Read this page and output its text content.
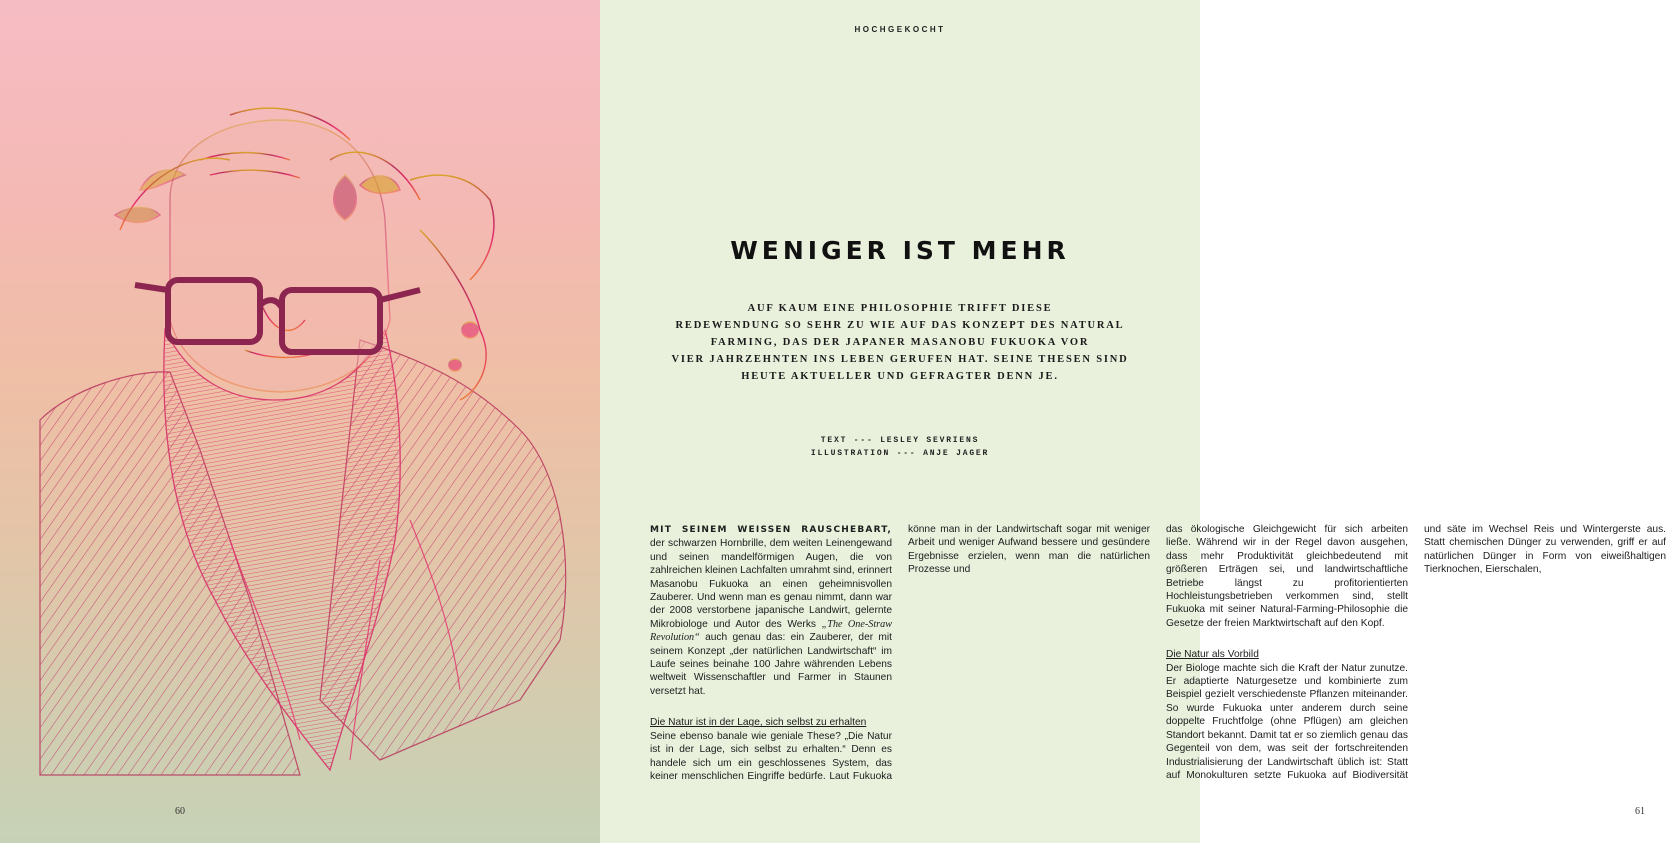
60
HOCHGEKOCHT
WENIGER IST MEHR
AUF KAUM EINE PHILOSOPHIE TRIFFT DIESE
REDEWENDUNG SO SEHR ZU WIE AUF DAS KONZEPT DES NATURAL
FARMING, DAS DER JAPANER MASANOBU FUKUOKA VOR
VIER JAHRZEHNTEN INS LEBEN GERUFEN HAT. SEINE THESEN SIND
HEUTE AKTUELLER UND GEFRAGTER DENN JE.
TEXT --- LESLEY SEVRIENS
ILLUSTRATION --- ANJE JAGER

MIT SEINEM WEISSEN RAUSCHEBART, der schwarzen Hornbrille, dem weiten Leinengewand und seinen mandelförmigen Augen, die von zahlreichen kleinen Lachfalten umrahmt sind, erinnert Masanobu Fukuoka an einen geheimnisvollen Zauberer. Und wenn man es genau nimmt, dann war der 2008 verstorbene japanische Landwirt, gelernte Mikrobiologe und Autor des Werks „The One-Straw Revolution“ auch genau das: ein Zauberer, der mit seinem Konzept „der natürlichen Landwirtschaft“ im Laufe seines beinahe 100 Jahre währenden Lebens weltweit Wissenschaftler und Farmer in Staunen versetzt hat.

Die Natur ist in der Lage, sich selbst zu erhalten

Seine ebenso banale wie geniale These? „Die Natur ist in der Lage, sich selbst zu erhalten.“ Denn es handele sich um ein geschlossenes System, das keiner menschlichen Eingriffe bedürfe. Laut Fukuoka könne man in der Landwirtschaft sogar mit weniger Arbeit und weniger Aufwand bessere und gesündere Ergebnisse erzielen, wenn man die natürlichen Prozesse und

das ökologische Gleichgewicht für sich arbeiten ließe. Während wir in der Regel davon ausgehen, dass mehr Produktivität gleichbedeutend mit größeren Erträgen sei, und landwirtschaftliche Betriebe längst zu profitorientierten Hochleistungsbetrieben verkommen sind, stellt Fukuoka mit seiner Natural-Farming-Philosophie die Gesetze der freien Marktwirtschaft auf den Kopf.

Die Natur als Vorbild

Der Biologe machte sich die Kraft der Natur zunutze. Er adaptierte Naturgesetze und kombinierte zum Beispiel gezielt verschiedenste Pflanzen miteinander. So wurde Fukuoka unter anderem durch seine doppelte Fruchtfolge (ohne Pflügen) am gleichen Standort bekannt. Damit tat er so ziemlich genau das Gegenteil von dem, was seit der fortschreitenden Industrialisierung der Landwirtschaft üblich ist: Statt auf Monokulturen setzte Fukuoka auf Biodiversität und säte im Wechsel Reis und Wintergerste aus. Statt chemischen Dünger zu verwenden, griff er auf natürlichen Dünger in Form von eiweißhaltigen Tierknochen, Eierschalen,

61
